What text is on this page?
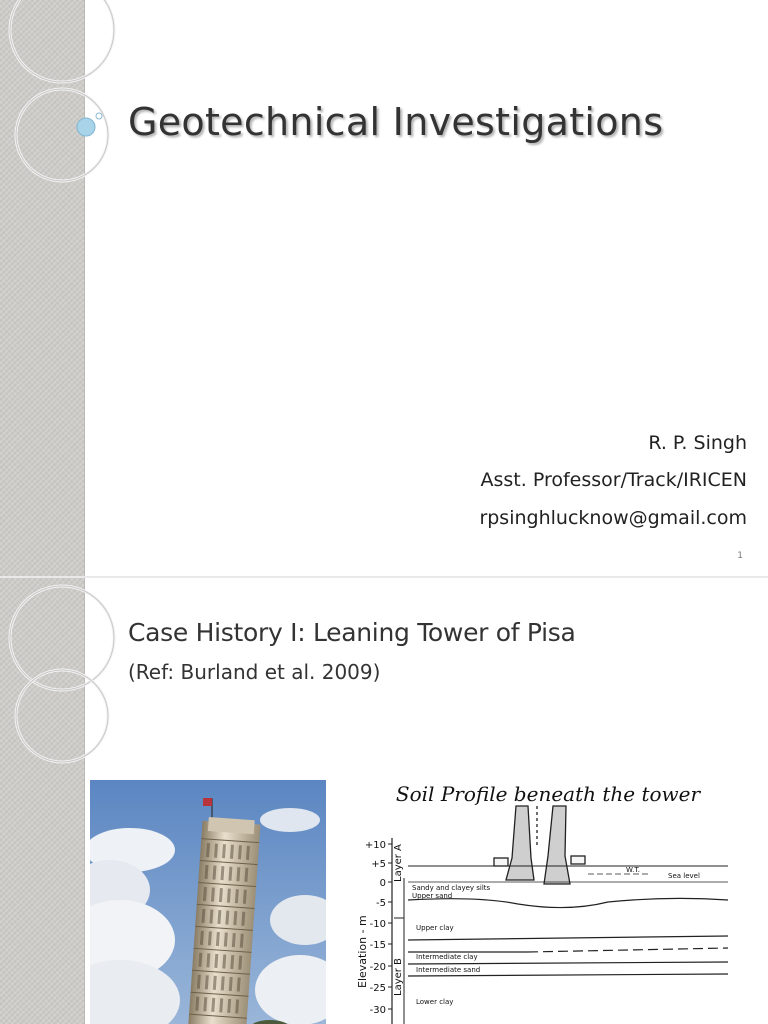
Geotechnical Investigations
R. P. Singh
Asst. Professor/Track/IRICEN
rpsinghlucknow@gmail.com
1
Case History I: Leaning Tower of Pisa
(Ref: Burland et al. 2009)

Soil Profile beneath the tower

+10
+5
0
-5
-10
-15
-20
-25
-30
Elevation - m
Layer A
Layer B
W.T.
Sea level
Sandy and clayey silts
Upper sand
Upper clay
Intermediate clay
Intermediate sand
Lower clay
